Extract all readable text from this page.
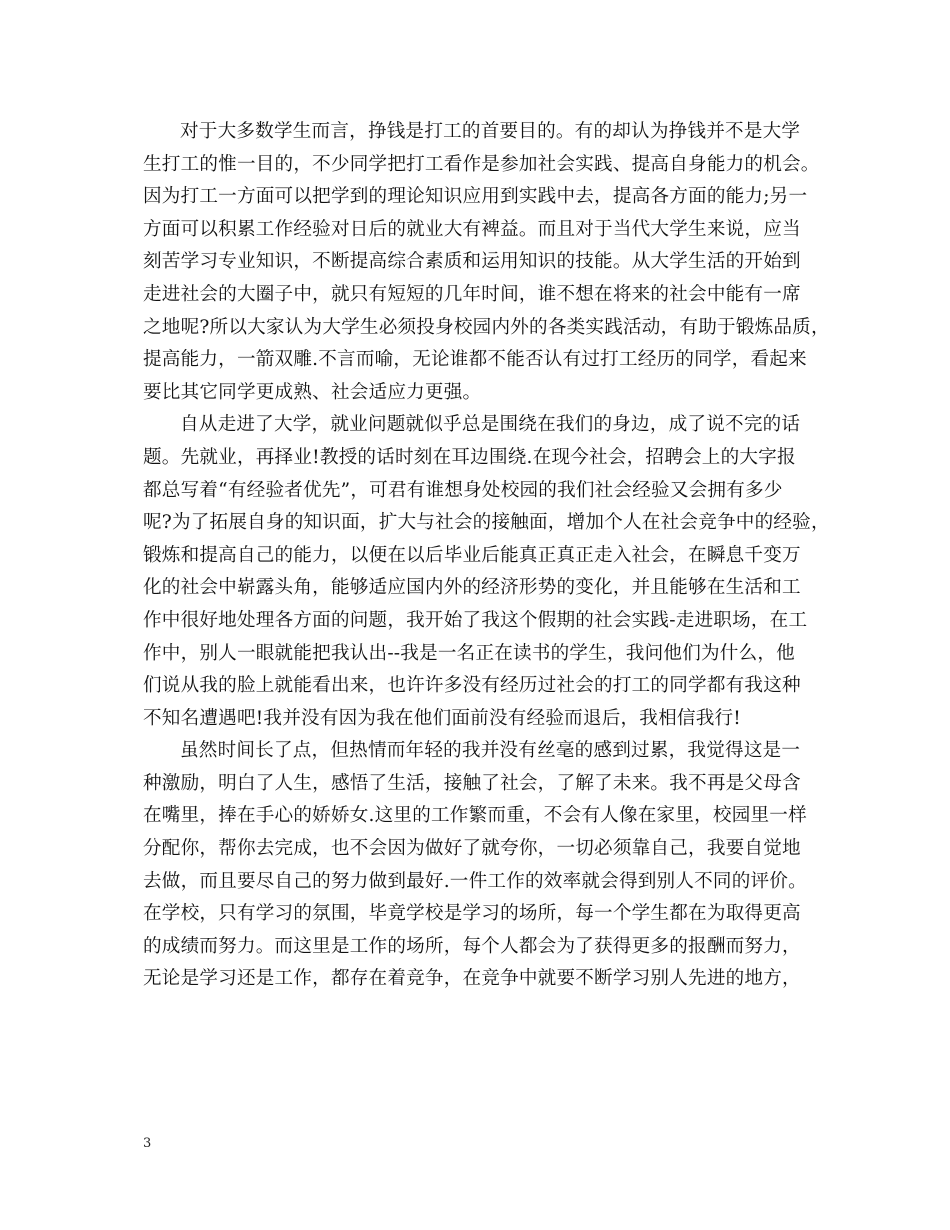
对于大多数学生而言，挣钱是打工的首要目的。有的却认为挣钱并不是大学
生打工的惟一目的，不少同学把打工看作是参加社会实践、提高自身能力的机会。
因为打工一方面可以把学到的理论知识应用到实践中去，提高各方面的能力;另一
方面可以积累工作经验对日后的就业大有裨益。而且对于当代大学生来说，应当
刻苦学习专业知识，不断提高综合素质和运用知识的技能。从大学生活的开始到
走进社会的大圈子中，就只有短短的几年时间，谁不想在将来的社会中能有一席
之地呢?所以大家认为大学生必须投身校园内外的各类实践活动，有助于锻炼品质，
提高能力，一箭双雕.不言而喻，无论谁都不能否认有过打工经历的同学，看起来
要比其它同学更成熟、社会适应力更强。
自从走进了大学，就业问题就似乎总是围绕在我们的身边，成了说不完的话
题。先就业，再择业!教授的话时刻在耳边围绕.在现今社会，招聘会上的大字报
都总写着“有经验者优先”，可君有谁想身处校园的我们社会经验又会拥有多少
呢?为了拓展自身的知识面，扩大与社会的接触面，增加个人在社会竞争中的经验，
锻炼和提高自己的能力，以便在以后毕业后能真正真正走入社会，在瞬息千变万
化的社会中崭露头角，能够适应国内外的经济形势的变化，并且能够在生活和工
作中很好地处理各方面的问题，我开始了我这个假期的社会实践-走进职场，在工
作中，别人一眼就能把我认出--我是一名正在读书的学生，我问他们为什么，他
们说从我的脸上就能看出来，也许许多没有经历过社会的打工的同学都有我这种
不知名遭遇吧!我并没有因为我在他们面前没有经验而退后，我相信我行!
虽然时间长了点，但热情而年轻的我并没有丝毫的感到过累，我觉得这是一
种激励，明白了人生，感悟了生活，接触了社会，了解了未来。我不再是父母含
在嘴里，捧在手心的娇娇女.这里的工作繁而重，不会有人像在家里，校园里一样
分配你，帮你去完成，也不会因为做好了就夸你，一切必须靠自己，我要自觉地
去做，而且要尽自己的努力做到最好.一件工作的效率就会得到别人不同的评价。
在学校，只有学习的氛围，毕竟学校是学习的场所，每一个学生都在为取得更高
的成绩而努力。而这里是工作的场所，每个人都会为了获得更多的报酬而努力，
无论是学习还是工作，都存在着竞争，在竞争中就要不断学习别人先进的地方，
3
